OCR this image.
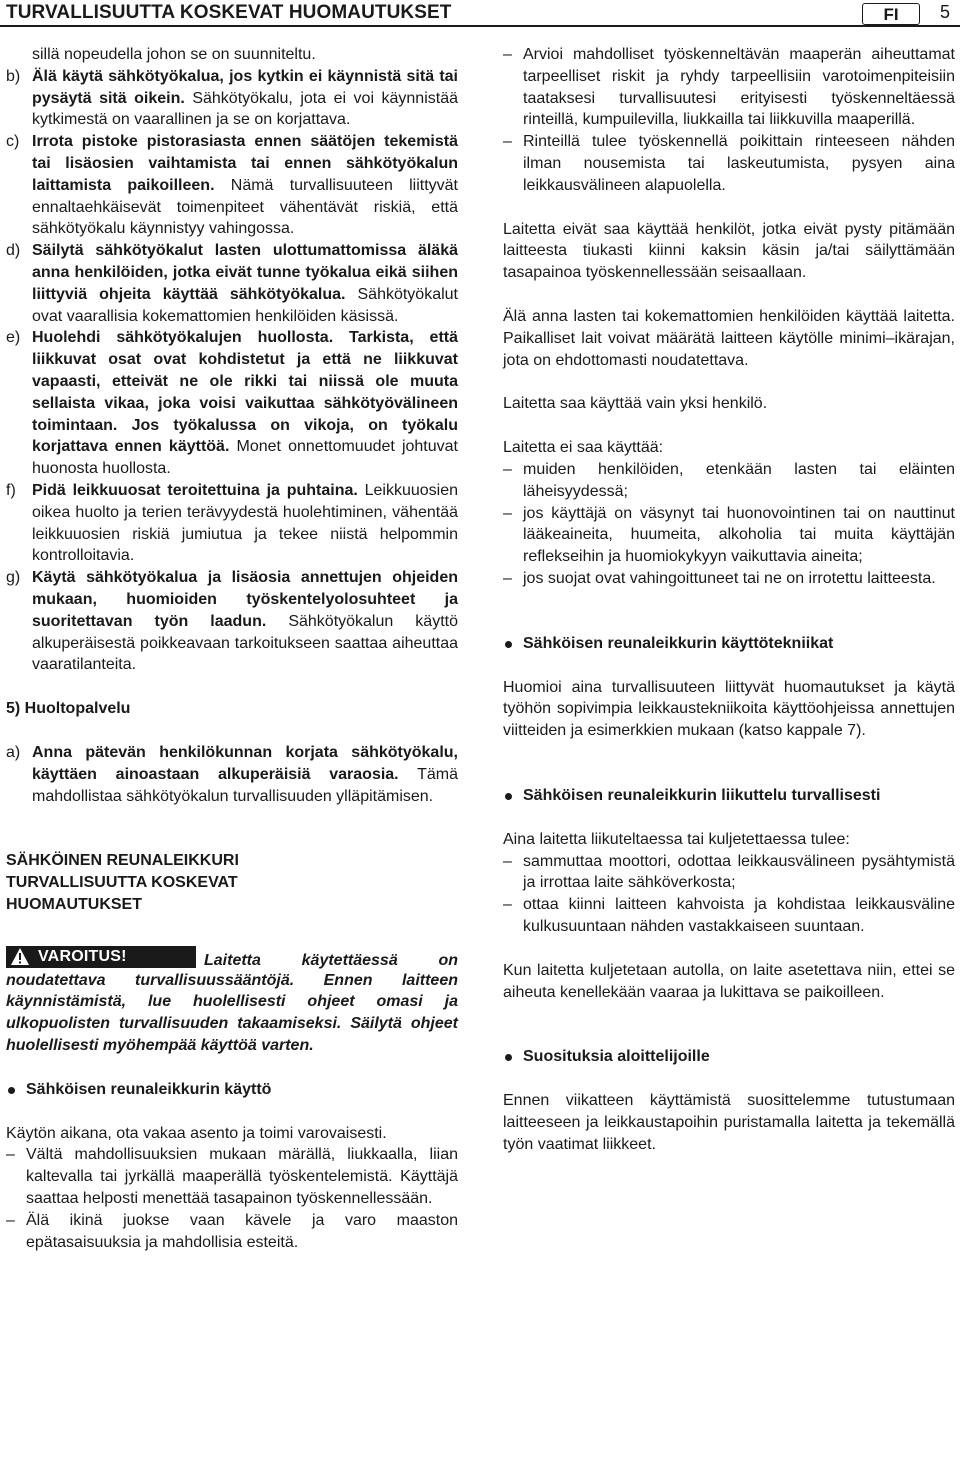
TURVALLISUUTTA KOSKEVAT HUOMAUTUKSET	FI	5

sillä nopeudella johon se on suunniteltu.

b) Älä käytä sähkötyökalua, jos kytkin ei käynnistä sitä tai pysäytä sitä oikein. Sähkötyökalu, jota ei voi käynnistää kytkimestä on vaarallinen ja se on korjattava.
c) Irrota pistoke pistorasiasta ennen säätöjen tekemistä tai lisäosien vaihtamista tai ennen sähkötyökalun laittamista paikoilleen. Nämä turvallisuuteen liittyvät ennaltaehkäisevät toimenpiteet vähentävät riskiä, että sähkötyökalu käynnistyy vahingossa.
d) Säilytä sähkötyökalut lasten ulottumattomissa äläkä anna henkilöiden, jotka eivät tunne työkalua eikä siihen liittyviä ohjeita käyttää sähkötyökalua. Sähkötyökalut ovat vaarallisia kokemattomien henkilöiden käsissä.
e) Huolehdi sähkötyökalujen huollosta. Tarkista, että liikkuvat osat ovat kohdistetut ja että ne liikkuvat vapaasti, etteivät ne ole rikki tai niissä ole muuta sellaista vikaa, joka voisi vaikuttaa sähkötyövälineen toimintaan. Jos työkalussa on vikoja, on työkalu korjattava ennen käyttöä. Monet onnettomuudet johtuvat huonosta huollosta.
f) Pidä leikkuuosat teroitettuina ja puhtaina. Leikkuuosien oikea huolto ja terien terävyydestä huolehtiminen, vähentää leikkuuosien riskiä jumiutua ja tekee niistä helpommin kontrolloitavia.
g) Käytä sähkötyökalua ja lisäosia annettujen ohjeiden mukaan, huomioiden työskentelyolosuhteet ja suoritettavan työn laadun. Sähkötyökalun käyttö alkuperäisestä poikkeavaan tarkoitukseen saattaa aiheuttaa vaaratilanteita.

5) Huoltopalvelu

a) Anna pätevän henkilökunnan korjata sähkötyökalu, käyttäen ainoastaan alkuperäisiä varaosia. Tämä mahdollistaa sähkötyökalun turvallisuuden ylläpitämisen.

SÄHKÖINEN REUNALEIKKURI

TURVALLISUUTTA KOSKEVAT

HUOMAUTUKSET

VAROITUS!	Laitetta käytettäessä on

noudatettava turvallisuussääntöjä. Ennen laitteen käynnistämistä, lue huolellisesti ohjeet omasi ja ulkopuolisten turvallisuuden takaamiseksi. Säilytä ohjeet huolellisesti myöhempää käyttöä varten.

Sähköisen reunaleikkurin käyttö

Käytön aikana, ota vakaa asento ja toimi varovaisesti.

– Vältä mahdollisuuksien mukaan märällä, liukkaalla, liian kaltevalla tai jyrkällä maaperällä työskentelemistä. Käyttäjä saattaa helposti menettää tasapainon työskennellessään.
– Älä ikinä juokse vaan kävele ja varo maaston epätasaisuuksia ja mahdollisia esteitä.
– Arvioi mahdolliset työskenneltävän maaperän aiheuttamat tarpeelliset riskit ja ryhdy tarpeellisiin varotoimenpiteisiin taataksesi turvallisuutesi erityisesti työskenneltäessä rinteillä, kumpuilevilla, liukkailla tai liikkuvilla maaperillä.
– Rinteillä tulee työskennellä poikittain rinteeseen nähden ilman nousemista tai laskeutumista, pysyen aina leikkausvälineen alapuolella.

Laitetta eivät saa käyttää henkilöt, jotka eivät pysty pitämään laitteesta tiukasti kiinni kaksin käsin ja/tai säilyttämään tasapainoa työskennellessään seisaallaan.

Älä anna lasten tai kokemattomien henkilöiden käyttää laitetta. Paikalliset lait voivat määrätä laitteen käytölle minimi–ikärajan, jota on ehdottomasti noudatettava.

Laitetta saa käyttää vain yksi henkilö.

Laitetta ei saa käyttää:

– muiden henkilöiden, etenkään lasten tai eläinten läheisyydessä;
– jos käyttäjä on väsynyt tai huonovointinen tai on nauttinut lääkeaineita, huumeita, alkoholia tai muita käyttäjän reflekseihin ja huomiokykyyn vaikuttavia aineita;
– jos suojat ovat vahingoittuneet tai ne on irrotettu laitteesta.
Sähköisen reunaleikkurin käyttötekniikat

Huomioi aina turvallisuuteen liittyvät huomautukset ja käytä työhön sopivimpia leikkaustekniikoita käyttöohjeissa annettujen viitteiden ja esimerkkien mukaan (katso kappale 7).

Sähköisen reunaleikkurin liikuttelu turvallisesti

Aina laitetta liikuteltaessa tai kuljetettaessa tulee:

– sammuttaa moottori, odottaa leikkausvälineen pysähtymistä ja irrottaa laite sähköverkosta;
– ottaa kiinni laitteen kahvoista ja kohdistaa leikkausväline kulkusuuntaan nähden vastakkaiseen suuntaan.

Kun laitetta kuljetetaan autolla, on laite asetettava niin, ettei se aiheuta kenellekään vaaraa ja lukittava se paikoilleen.

Suosituksia aloittelijoille

Ennen viikatteen käyttämistä suosittelemme tutustumaan laitteeseen ja leikkaustapoihin puristamalla laitetta ja tekemällä työn vaatimat liikkeet.
